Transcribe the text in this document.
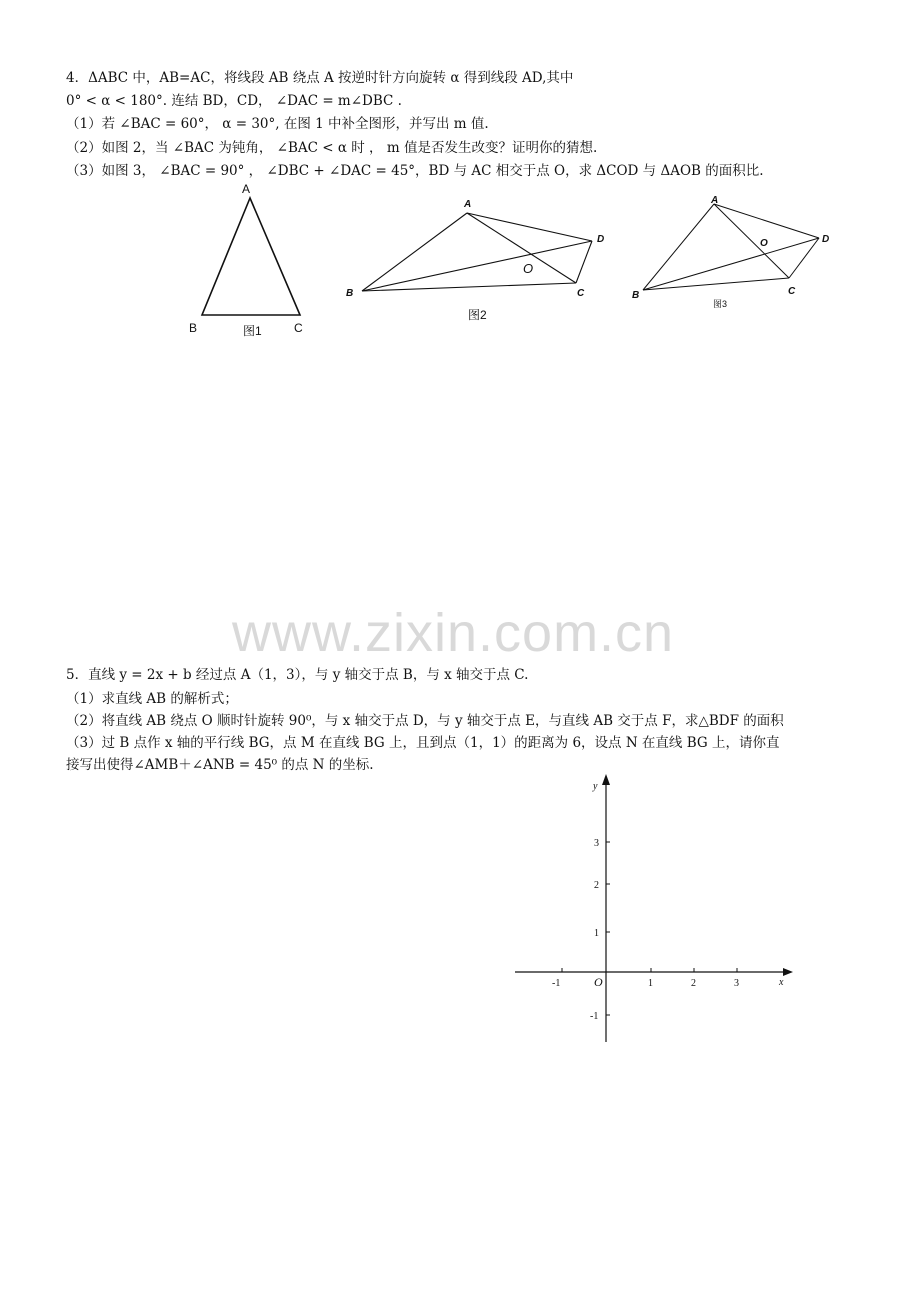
4．ΔABC 中，AB=AC，将线段 AB 绕点 A 按逆时针方向旋转 α 得到线段 AD,其中
0° < α < 180°. 连结 BD，CD， ∠DAC = m∠DBC .
（1）若 ∠BAC = 60°， α = 30°, 在图 1 中补全图形，并写出 m 值.
（2）如图 2，当 ∠BAC 为钝角， ∠BAC < α 时 ， m 值是否发生改变？证明你的猜想.
（3）如图 3， ∠BAC = 90° ， ∠DBC + ∠DAC = 45°，BD 与 AC 相交于点 O，求 ΔCOD 与 ΔAOB 的面积比.
A
B	C
图1
A
B	C
D
O
图2
A
B	C
D
O
图3
www.zixin.com.cn
5．直线 y = 2x + b 经过点 A（1，3），与 y 轴交于点 B，与 x 轴交于点 C.
（1）求直线 AB 的解析式；
（2）将直线 AB 绕点 O 顺时针旋转 90⁰，与 x 轴交于点 D，与 y 轴交于点 E，与直线 AB 交于点 F，求△BDF 的面积
（3）过 B 点作 x 轴的平行线 BG，点 M 在直线 BG 上，且到点（1，1）的距离为 6，设点 N 在直线 BG 上，请你直
接写出使得∠AMB＋∠ANB = 45⁰ 的点 N 的坐标.
x
y
O
-1	1	2	3
3
2
1
-1
